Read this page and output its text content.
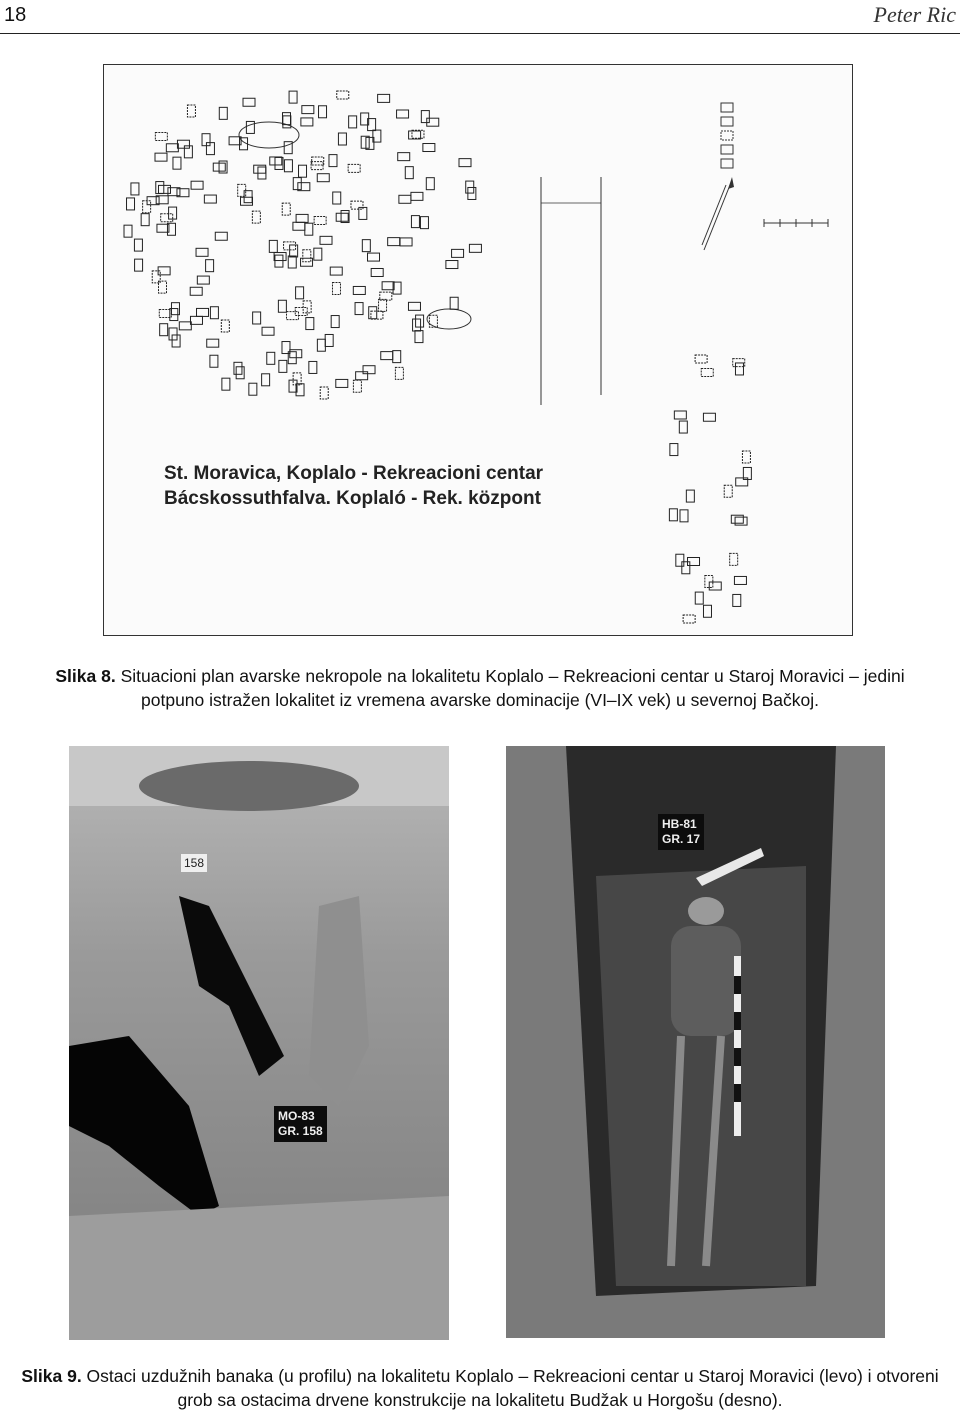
18	Peter Ric
St. Moravica, Koplalo - Rekreacioni centar
Bácskossuthfalva. Koplaló - Rek. központ
Slika 8. Situacioni plan avarske nekropole na lokalitetu Koplalo – Rekreacioni centar u Staroj Moravici – jedini potpuno istražen lokalitet iz vremena avarske dominacije (VI–IX vek) u severnoj Bačkoj.
158
MO-83
GR. 158
HB-81
GR. 17
Slika 9. Ostaci uzdužnih banaka (u profilu) na lokalitetu Koplalo – Rekreacioni centar u Staroj Moravici (levo) i otvoreni grob sa ostacima drvene konstrukcije na lokalitetu Budžak u Horgošu (desno).
